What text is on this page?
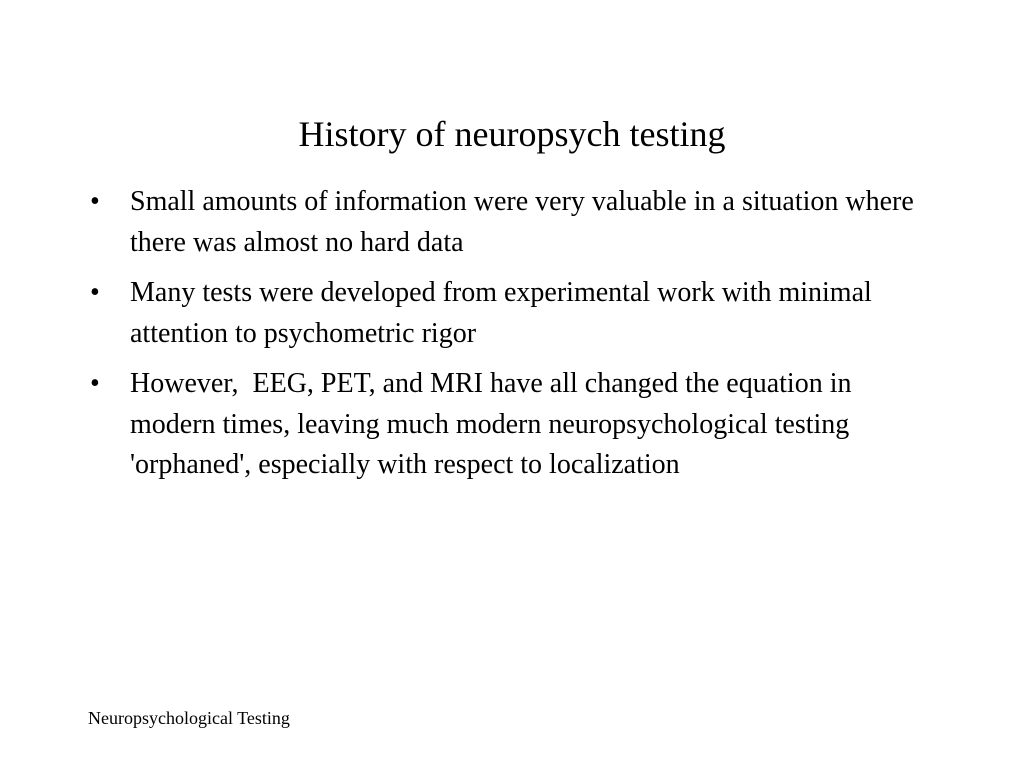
History of neuropsych testing
•	Small amounts of information were very valuable in a situation where there was almost no hard data
•	Many tests were developed from experimental work with minimal attention to psychometric rigor
•	However,  EEG, PET, and MRI have all changed the equation in modern times, leaving much modern neuropsychological testing 'orphaned', especially with respect to localization
Neuropsychological Testing
